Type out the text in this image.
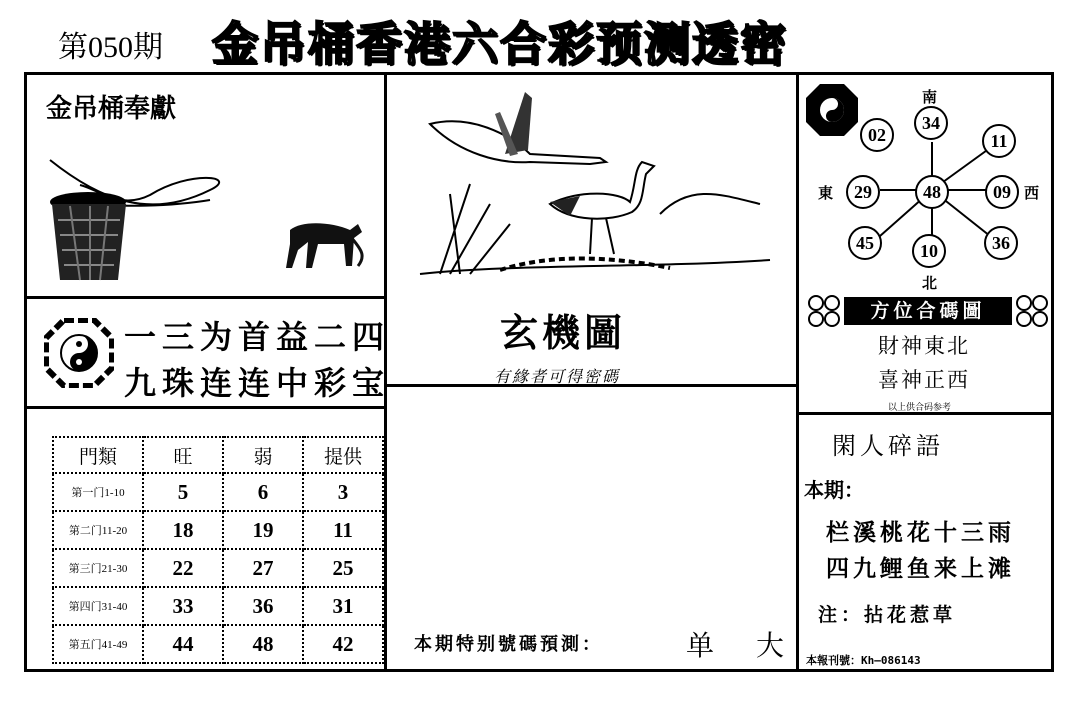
第050期 金吊桶香港六合彩预测透密
金吊桶奉獻
一三为首益二四
九珠连连中彩宝
門類	旺	弱	提供
第一门1-10	5	6	3
第二门11-20	18	19	11
第三门21-30	22	27	25
第四门31-40	33	36	31
第五门41-49	44	48	42
玄機圖
有緣者可得密碼
本期特别號碼預測：	单 大
南
北
東	西
02
34
11
29	48	09
45	10	36
方位合碼圖
財神東北
喜神正西
以上供合码参考
閑人碎語
本期：
栏溪桃花十三雨
四九鲤鱼来上滩
注：拈花惹草
本報刊號：Kh—086143
